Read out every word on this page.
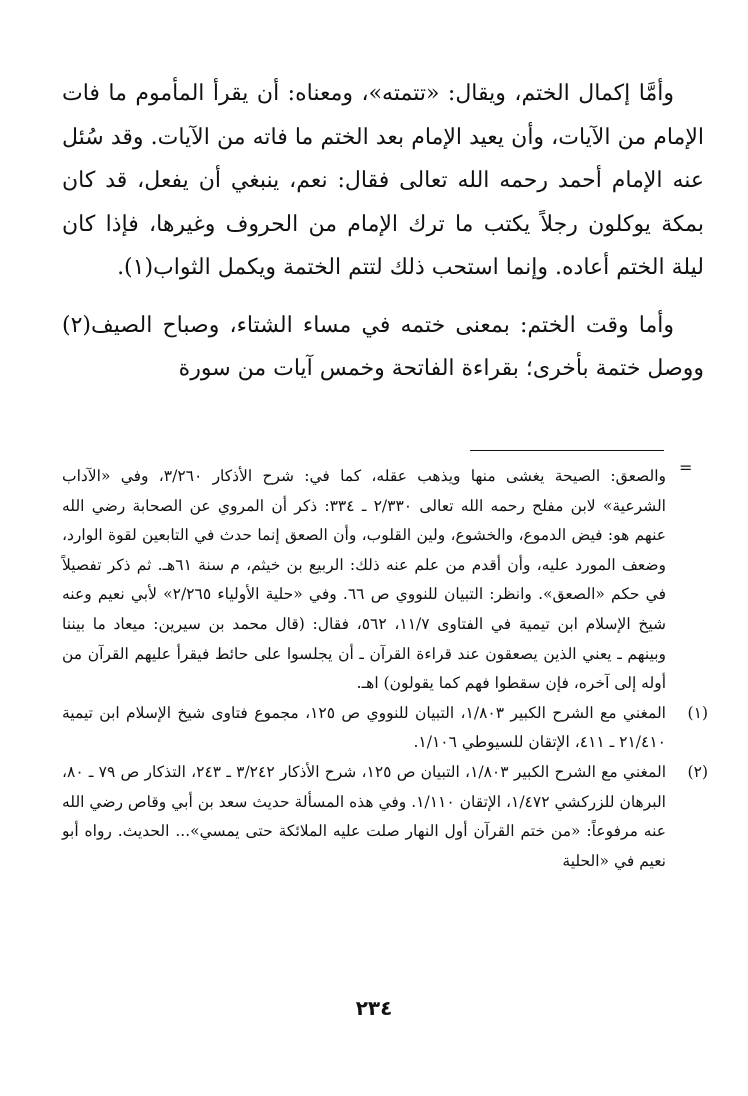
وأمَّا إكمال الختم، ويقال: «تتمته»، ومعناه: أن يقرأ المأموم ما فات الإمام من الآيات، وأن يعيد الإمام بعد الختم ما فاته من الآيات. وقد سُئل عنه الإمام أحمد رحمه الله تعالى فقال: نعم، ينبغي أن يفعل، قد كان بمكة يوكلون رجلاً يكتب ما ترك الإمام من الحروف وغيرها، فإذا كان ليلة الختم أعاده. وإنما استحب ذلك لتتم الختمة ويكمل الثواب(١).

وأما وقت الختم: بمعنى ختمه في مساء الشتاء، وصباح الصيف(٢) ووصل ختمة بأخرى؛ بقراءة الفاتحة وخمس آيات من سورة

=
والصعق: الصيحة يغشى منها ويذهب عقله، كما في: شرح الأذكار ٣/٢٦٠، وفي «الآداب الشرعية» لابن مفلح رحمه الله تعالى ٢/٣٣٠ ـ ٣٣٤: ذكر أن المروي عن الصحابة رضي الله عنهم هو: فيض الدموع، والخشوع، ولين القلوب، وأن الصعق إنما حدث في التابعين لقوة الوارد، وضعف المورد عليه، وأن أقدم من علم عنه ذلك: الربيع بن خيثم، م سنة ٦١هـ. ثم ذكر تفصيلاً في حكم «الصعق». وانظر: التبيان للنووي ص ٦٦. وفي «حلية الأولياء ٢/٢٦٥» لأبي نعيم وعنه شيخ الإسلام ابن تيمية في الفتاوى ١١/٧، ٥٦٢، فقال: (قال محمد بن سيرين: ميعاد ما بيننا وبينهم ـ يعني الذين يصعقون عند قراءة القرآن ـ أن يجلسوا على حائط فيقرأ عليهم القرآن من أوله إلى آخره، فإن سقطوا فهم كما يقولون) اهـ.
(١)
المغني مع الشرح الكبير ١/٨٠٣، التبيان للنووي ص ١٢٥، مجموع فتاوى شيخ الإسلام ابن تيمية ٢١/٤١٠ ـ ٤١١، الإتقان للسيوطي ١/١٠٦.
(٢)
المغني مع الشرح الكبير ١/٨٠٣، التبيان ص ١٢٥، شرح الأذكار ٣/٢٤٢ ـ ٢٤٣، التذكار ص ٧٩ ـ ٨٠، البرهان للزركشي ١/٤٧٢، الإتقان ١/١١٠. وفي هذه المسألة حديث سعد بن أبي وقاص رضي الله عنه مرفوعاً: «من ختم القرآن أول النهار صلت عليه الملائكة حتى يمسي»... الحديث. رواه أبو نعيم في «الحلية
٢٣٤
